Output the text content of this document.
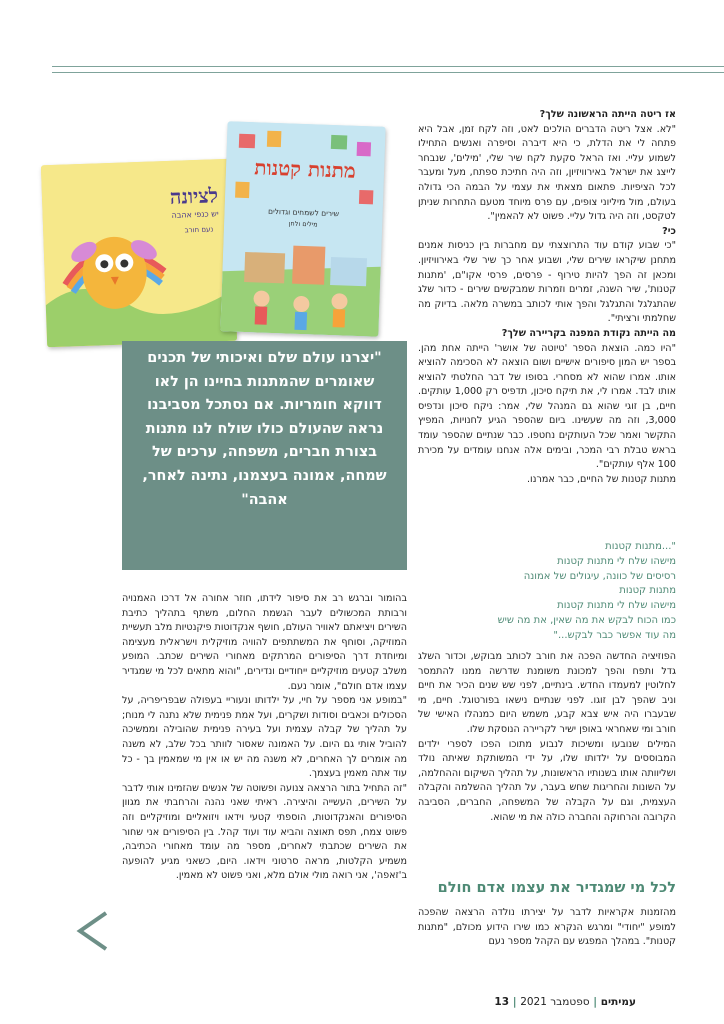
אז ריטה הייתה הראשונה שלך?

"לא. אצל ריטה הדברים הולכים לאט, וזה לקח זמן, אבל היא פתחה לי את הדלת, כי היא דיברה וסיפרה ואנשים התחילו לשמוע עליי. ואז הראל סקעת לקח שיר שלי, 'מילים', שנבחר לייצג את ישראל באירוויזיון, וזה היה חתיכת ספתח, מעל ומעבר לכל הציפיות. פתאום מצאתי את עצמי על הבמה הכי גדולה בעולם, מול מיליוני צופים, עם פרס מיוחד מטעם התחרות שניתן לטקסט, וזה היה גדול עליי. פשוט לא להאמין".

כי?

"כי שבוע קודם עוד התרוצצתי עם מחברות בין כניסות אמנים מתחנן שיקראו שירים שלי, ושבוע אחר כך שיר שלי באירוויזיון. ומכאן זה הפך להיות טירוף - פרסים, פרסי אקו"ם, 'מתנות קטנות', שיר השנה, זמרים וזמרות שמבקשים שירים - כדור שלג שהתגלגל והתגלגל והפך אותי לכותב במשרה מלאה. בדיוק מה שחלמתי ורציתי".

מה הייתה נקודת המפנה בקריירה שלך?

"היו כמה. הוצאת הספר 'טיוטה של אושר' הייתה אחת מהן. בספר יש המון סיפורים אישיים ושום הוצאה לא הסכימה להוציא אותו. אמרו שהוא לא מסחרי. בסופו של דבר החלטתי להוציא אותו לבד. אמרו לי, את תיקח סיכון, תדפיס רק 1,000 עותקים. חיים, בן זוגי שהוא גם המנהל שלי, אמר: ניקח סיכון ונדפיס 3,000, וזה מה שעשינו. ביום שהספר הגיע לחנויות, המפיץ התקשר ואמר שכל העותקים נחטפו. כבר שנתיים שהספר עומד בראש טבלת רבי המכר, ובימים אלה אנחנו עומדים על מכירת 100 אלף עותקים".

מתנות קטנות של החיים, כבר אמרנו.

"...מתנות קטנות
מישהו שלח לי מתנות קטנות
רסיסים של כוונה, עיגולים של אמונה
מתנות קטנות
מישהו שלח לי מתנות קטנות
כמו הכוח לבקש את מה שאין, את מה שיש
מה עוד אפשר כבר לבקש..."

הפוזיציה החדשה הפכה את חורב לכותב מבוקש, וכדור השלג גדל ותפח והפך למכונת משומנת שדרשה ממנו להתמסר לחלוטין למעמדו החדש. בינתיים, לפני שש שנים הכיר את חיים וניב שהפך לבן זוגו. לפני שנתיים נישאו בפורטוגל. חיים, מי שבעברו היה איש צבא קבע, משמש היום כמנהלו האישי של חורב ומי שאחראי באופן ישיר לקריירה הנוסקת שלו.

המילים שנובעו ומשיכות לנבוע מתוכו הפכו לספרי ילדים המבוססים על ילדותו שלו, על ידי המשותקת שאיתה נולד ושליוותה אותו בשנותיו הראשונות, על תהליך השיקום וההחלמה, על השונות והחריגות שחש בעבר, על תהליך ההשלמה והקבלה העצמית, וגם על הקבלה של המשפחה, החברים, הסביבה הקרובה והרחוקה והחברה כולה את מי שהוא.

לכל מי שמגדיר את עצמו אדם חולם

מהזמנות אקראיות לדבר על יצירתו נולדה הרצאה שהפכה למופע "יחודי" ומרגש הנקרא כמו שירו הידוע מכולם, "מתנות קטנות". במהלך המפגש עם הקהל מספר נעם

בהומור וברגש רב את סיפור לידתו, חוזר אחורה אל דרכו האמנויה ורבותת המכשולים לעבר הגשמת החלום, משתף בתהליך כתיבת השירים ויציאתם לאוויר העולם, חושף אנקדוטות פיקנטיות מלב תעשיית המוזיקה, וסוחף את המשתתפים להוויה מוזיקלית וישראלית מעצימה ומיוחדת דרך הסיפורים המרתקים מאחורי השירים שכתב. המופע משלב קטעים מוזיקליים ייחודיים ונדירים, "והוא מתאים לכל מי שמגדיר עצמו אדם חולם", אומר נעם.

"במופע אני מספר על חיי, על ילדותו ונעוריי בעפולה שבפריפריה, על הסכולים וכאבים וסודות ושקרים, ועל אמת פנימית שלא נתנה לי מנוח; על תהליך של קבלה עצמית ועל בעירה פנימית שהובילה וממשיכה להוביל אותי גם היום. על האמונה שאסור לוותר בכל שלב, לא משנה מה אומרים לך האחרים, לא משנה מה יש או אין מי שמאמין בך - כל עוד אתה מאמין בעצמך.

"זה התחיל בתור הרצאה צנועה ופשוטה של אנשים שהזמינו אותי לדבר על השירים, העשייה והיצירה. ראיתי שאני נהנה והרחבתי את מגוון הסיפורים והאנקדוטות, הוספתי קטעי וידאו ויזואליים ומוזיקליים וזה פשוט צמח, תפס תאוצה והביא עוד ועוד קהל. בין הסיפורים אני שחור את השירים שכתבתי לאחרים, מספר מה עומד מאחורי הכתיבה, משמיע הקלטות, מראה סרטוני וידאו. היום, כשאני מגיע להופעה ב'זאפה', אני רואה מולי אולם מלא, ואני פשוט לא מאמין.

לציונה
יש כנפי אהבה
נעם חורב
מתנות קטנות
שירים לשמחים וגדולים
מילים ולחן
"יצרנו עולם שלם ואיכותי של תכנים שאומרים שהמתנות בחיינו הן לאו דווקא חומריות. אם נסתכל מסביבנו נראה שהעולם כולו שולח לנו מתנות בצורת חברים, משפחה, ערכים של שמחה, אמונה בעצמנו, נתינה לאחר, אהבה"
עמיתים | ספטמבר 2021 | 13
